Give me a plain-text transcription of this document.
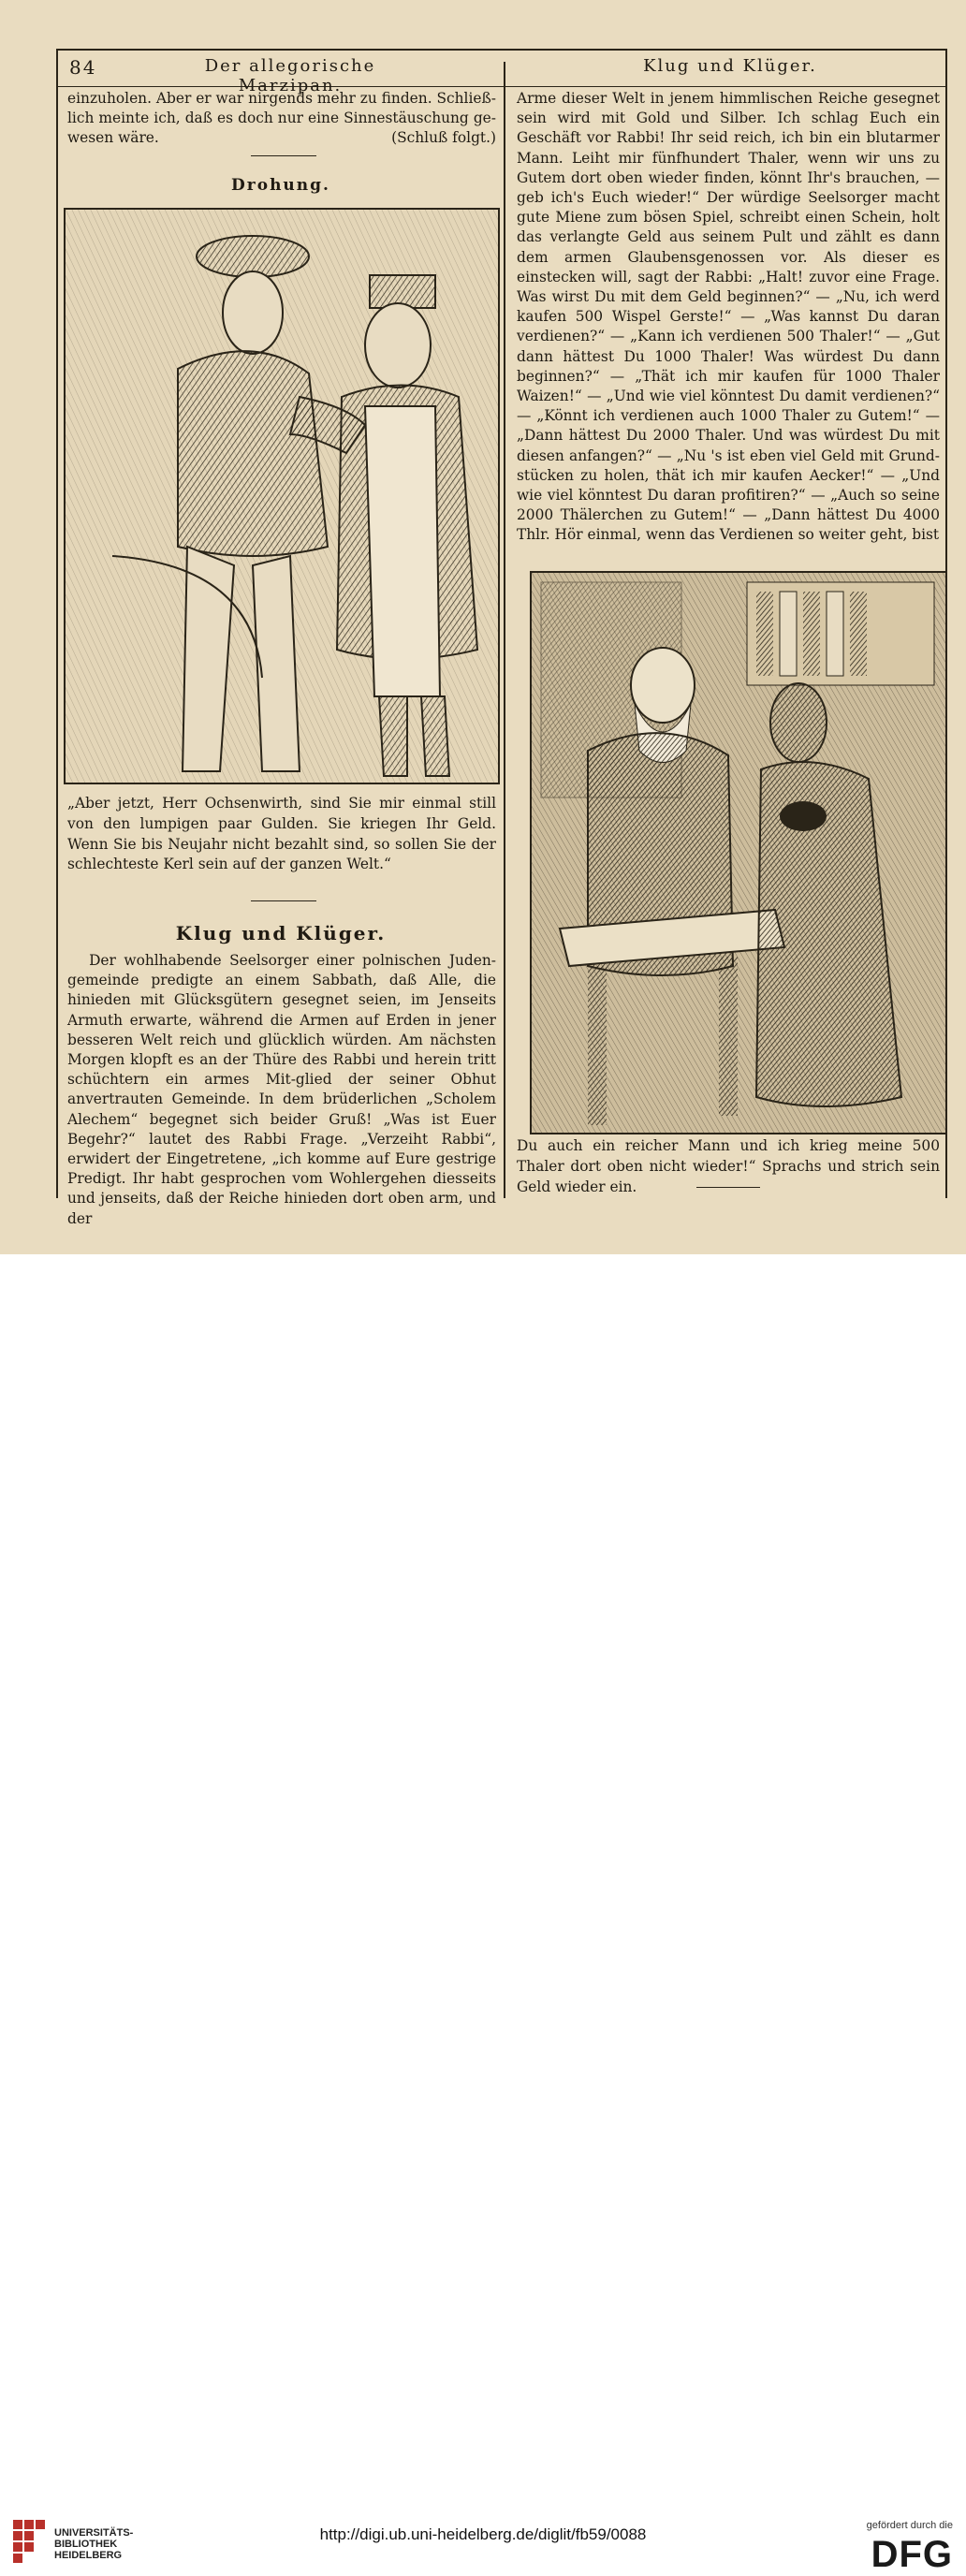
84	Der allegorische Marzipan.
Klug und Klüger.

einzuholen. Aber er war nirgends mehr zu finden. Schließ-

lich meinte ich, daß es doch nur eine Sinnestäuschung ge-

wesen wäre.	(Schluß folgt.)
Drohung.
„Aber jetzt, Herr Ochsenwirth, sind Sie mir einmal still von den lumpigen paar Gulden. Sie kriegen Ihr Geld. Wenn Sie bis Neujahr nicht bezahlt sind, so sollen Sie der schlechteste Kerl sein auf der ganzen Welt.“
Klug und Klüger.

Der wohlhabende Seelsorger einer polnischen Juden-gemeinde predigte an einem Sabbath, daß Alle, die hinieden mit Glücksgütern gesegnet seien, im Jenseits Armuth erwarte, während die Armen auf Erden in jener besseren Welt reich und glücklich würden. Am nächsten Morgen klopft es an der Thüre des Rabbi und herein tritt schüchtern ein armes Mit-glied der seiner Obhut anvertrauten Gemeinde. In dem brüderlichen „Scholem Alechem“ begegnet sich beider Gruß! „Was ist Euer Begehr?“ lautet des Rabbi Frage. „Verzeiht Rabbi“, erwidert der Eingetretene, „ich komme auf Eure gestrige Predigt. Ihr habt gesprochen vom Wohlergehen diesseits und jenseits, daß der Reiche hinieden dort oben arm, und der

Arme dieser Welt in jenem himmlischen Reiche gesegnet sein wird mit Gold und Silber. Ich schlag Euch ein Geschäft vor Rabbi! Ihr seid reich, ich bin ein blutarmer Mann. Leiht mir fünfhundert Thaler, wenn wir uns zu Gutem dort oben wieder finden, könnt Ihr's brauchen, — geb ich's Euch wieder!“ Der würdige Seelsorger macht gute Miene zum bösen Spiel, schreibt einen Schein, holt das verlangte Geld aus seinem Pult und zählt es dann dem armen Glaubensgenossen vor. Als dieser es einstecken will, sagt der Rabbi: „Halt! zuvor eine Frage. Was wirst Du mit dem Geld beginnen?“ — „Nu, ich werd kaufen 500 Wispel Gerste!“ — „Was kannst Du daran verdienen?“ — „Kann ich verdienen 500 Thaler!“ — „Gut dann hättest Du 1000 Thaler! Was würdest Du dann beginnen?“ — „Thät ich mir kaufen für 1000 Thaler Waizen!“ — „Und wie viel könntest Du damit verdienen?“ — „Könnt ich verdienen auch 1000 Thaler zu Gutem!“ — „Dann hättest Du 2000 Thaler. Und was würdest Du mit diesen anfangen?“ — „Nu 's ist eben viel Geld mit Grund-stücken zu holen, thät ich mir kaufen Aecker!“ — „Und wie viel könntest Du daran profitiren?“ — „Auch so seine 2000 Thälerchen zu Gutem!“ — „Dann hättest Du 4000 Thlr. Hör einmal, wenn das Verdienen so weiter geht, bist

Du auch ein reicher Mann und ich krieg meine 500 Thaler dort oben nicht wieder!“ Sprachs und strich sein Geld wieder ein.
UNIVERSITÄTS-
BIBLIOTHEK
HEIDELBERG
http://digi.ub.uni-heidelberg.de/diglit/fb59/0088	gefördert durch die
DFG
